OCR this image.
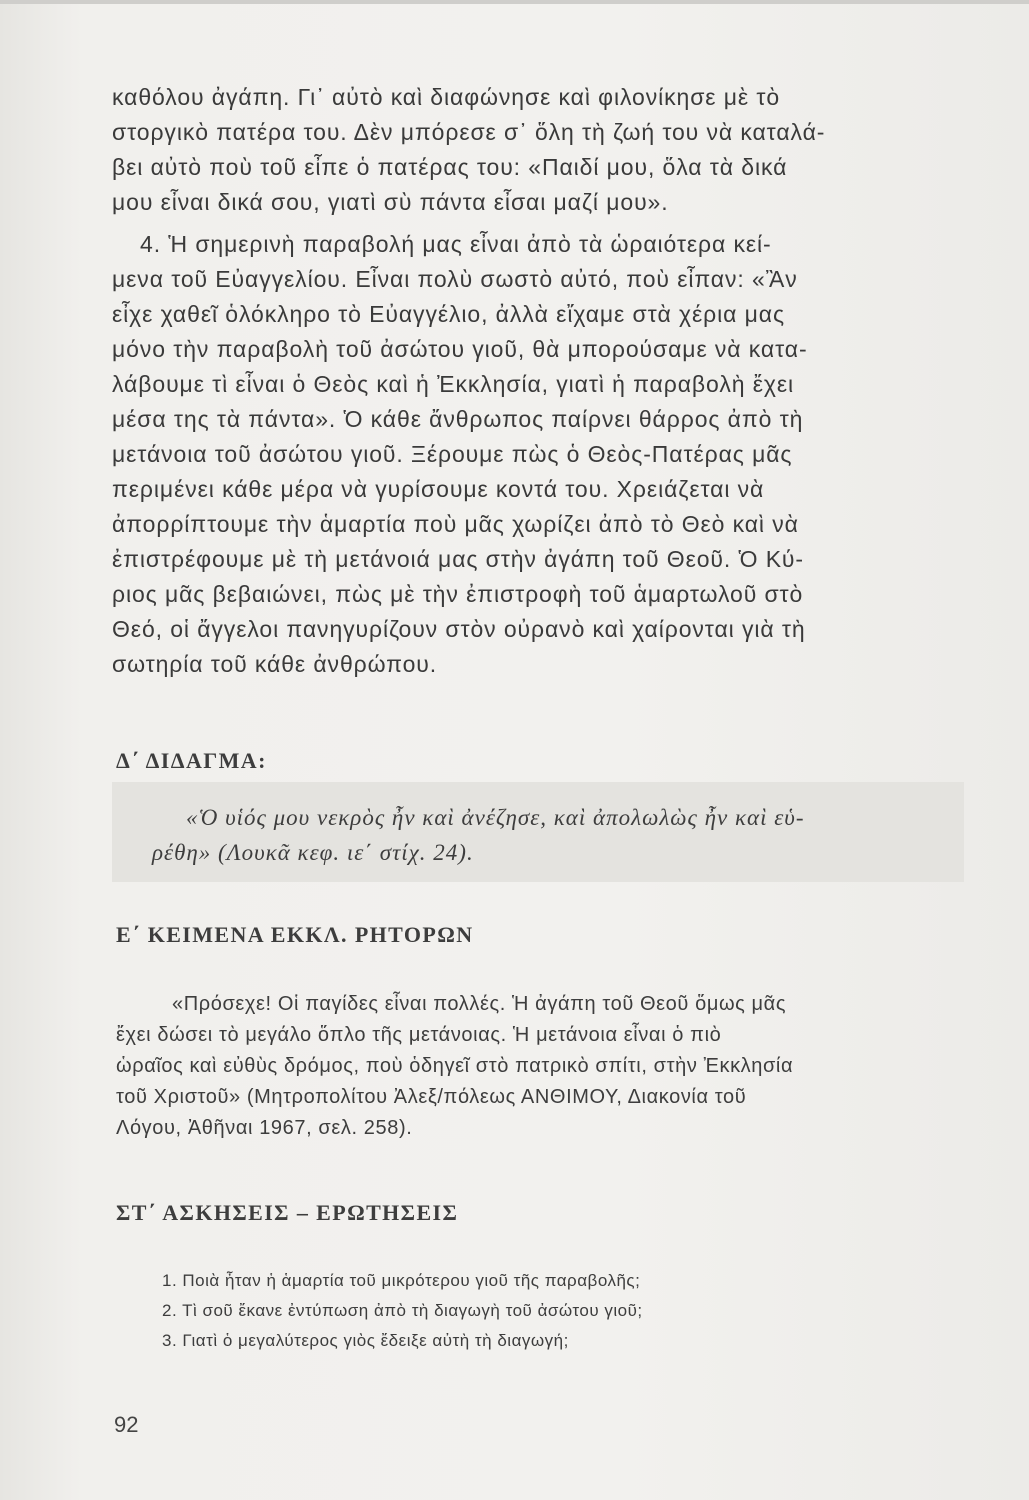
καθόλου ἀγάπη. Γι᾽ αὐτὸ καὶ διαφώνησε καὶ φιλονίκησε μὲ τὸ
στοργικὸ πατέρα του. Δὲν μπόρεσε σ᾽ ὅλη τὴ ζωή του νὰ καταλά-
βει αὐτὸ ποὺ τοῦ εἶπε ὁ πατέρας του: «Παιδί μου, ὅλα τὰ δικά
μου εἶναι δικά σου, γιατὶ σὺ πάντα εἶσαι μαζί μου».

4. Ἡ σημερινὴ παραβολή μας εἶναι ἀπὸ τὰ ὡραιότερα κεί-
μενα τοῦ Εὐαγγελίου. Εἶναι πολὺ σωστὸ αὐτό, ποὺ εἶπαν: «Ἂν
εἶχε χαθεῖ ὁλόκληρο τὸ Εὐαγγέλιο, ἀλλὰ εἴχαμε στὰ χέρια μας
μόνο τὴν παραβολὴ τοῦ ἀσώτου γιοῦ, θὰ μπορούσαμε νὰ κατα-
λάβουμε τὶ εἶναι ὁ Θεὸς καὶ ἡ Ἐκκλησία, γιατὶ ἡ παραβολὴ ἔχει
μέσα της τὰ πάντα». Ὁ κάθε ἄνθρωπος παίρνει θάρρος ἀπὸ τὴ
μετάνοια τοῦ ἀσώτου γιοῦ. Ξέρουμε πὼς ὁ Θεὸς-Πατέρας μᾶς
περιμένει κάθε μέρα νὰ γυρίσουμε κοντά του. Χρειάζεται νὰ
ἀπορρίπτουμε τὴν ἁμαρτία ποὺ μᾶς χωρίζει ἀπὸ τὸ Θεὸ καὶ νὰ
ἐπιστρέφουμε μὲ τὴ μετάνοιά μας στὴν ἀγάπη τοῦ Θεοῦ. Ὁ Κύ-
ριος μᾶς βεβαιώνει, πὼς μὲ τὴν ἐπιστροφὴ τοῦ ἁμαρτωλοῦ στὸ
Θεό, οἱ ἄγγελοι πανηγυρίζουν στὸν οὐρανὸ καὶ χαίρονται γιὰ τὴ
σωτηρία τοῦ κάθε ἀνθρώπου.

Δ΄ ΔΙΔΑΓΜΑ:

«Ὁ υἱός μου νεκρὸς ἦν καὶ ἀνέζησε, καὶ ἀπολωλὼς ἦν καὶ εὑ-
ρέθη» (Λουκᾶ κεφ. ιε΄ στίχ. 24).

Ε΄ ΚΕΙΜΕΝΑ ΕΚΚΛ. ΡΗΤΟΡΩΝ

«Πρόσεχε! Οἱ παγίδες εἶναι πολλές. Ἡ ἀγάπη τοῦ Θεοῦ ὅμως μᾶς
ἔχει δώσει τὸ μεγάλο ὅπλο τῆς μετάνοιας. Ἡ μετάνοια εἶναι ὁ πιὸ
ὡραῖος καὶ εὐθὺς δρόμος, ποὺ ὁδηγεῖ στὸ πατρικὸ σπίτι, στὴν Ἐκκλησία
τοῦ Χριστοῦ» (Μητροπολίτου Ἀλεξ/πόλεως ΑΝΘΙΜΟΥ, Διακονία τοῦ
Λόγου, Ἀθῆναι 1967, σελ. 258).

ΣΤ΄ ΑΣΚΗΣΕΙΣ – ΕΡΩΤΗΣΕΙΣ
1. Ποιὰ ἦταν ἡ ἁμαρτία τοῦ μικρότερου γιοῦ τῆς παραβολῆς;
2. Τὶ σοῦ ἔκανε ἐντύπωση ἀπὸ τὴ διαγωγὴ τοῦ ἀσώτου γιοῦ;
3. Γιατὶ ὁ μεγαλύτερος γιὸς ἔδειξε αὐτὴ τὴ διαγωγή;
92
